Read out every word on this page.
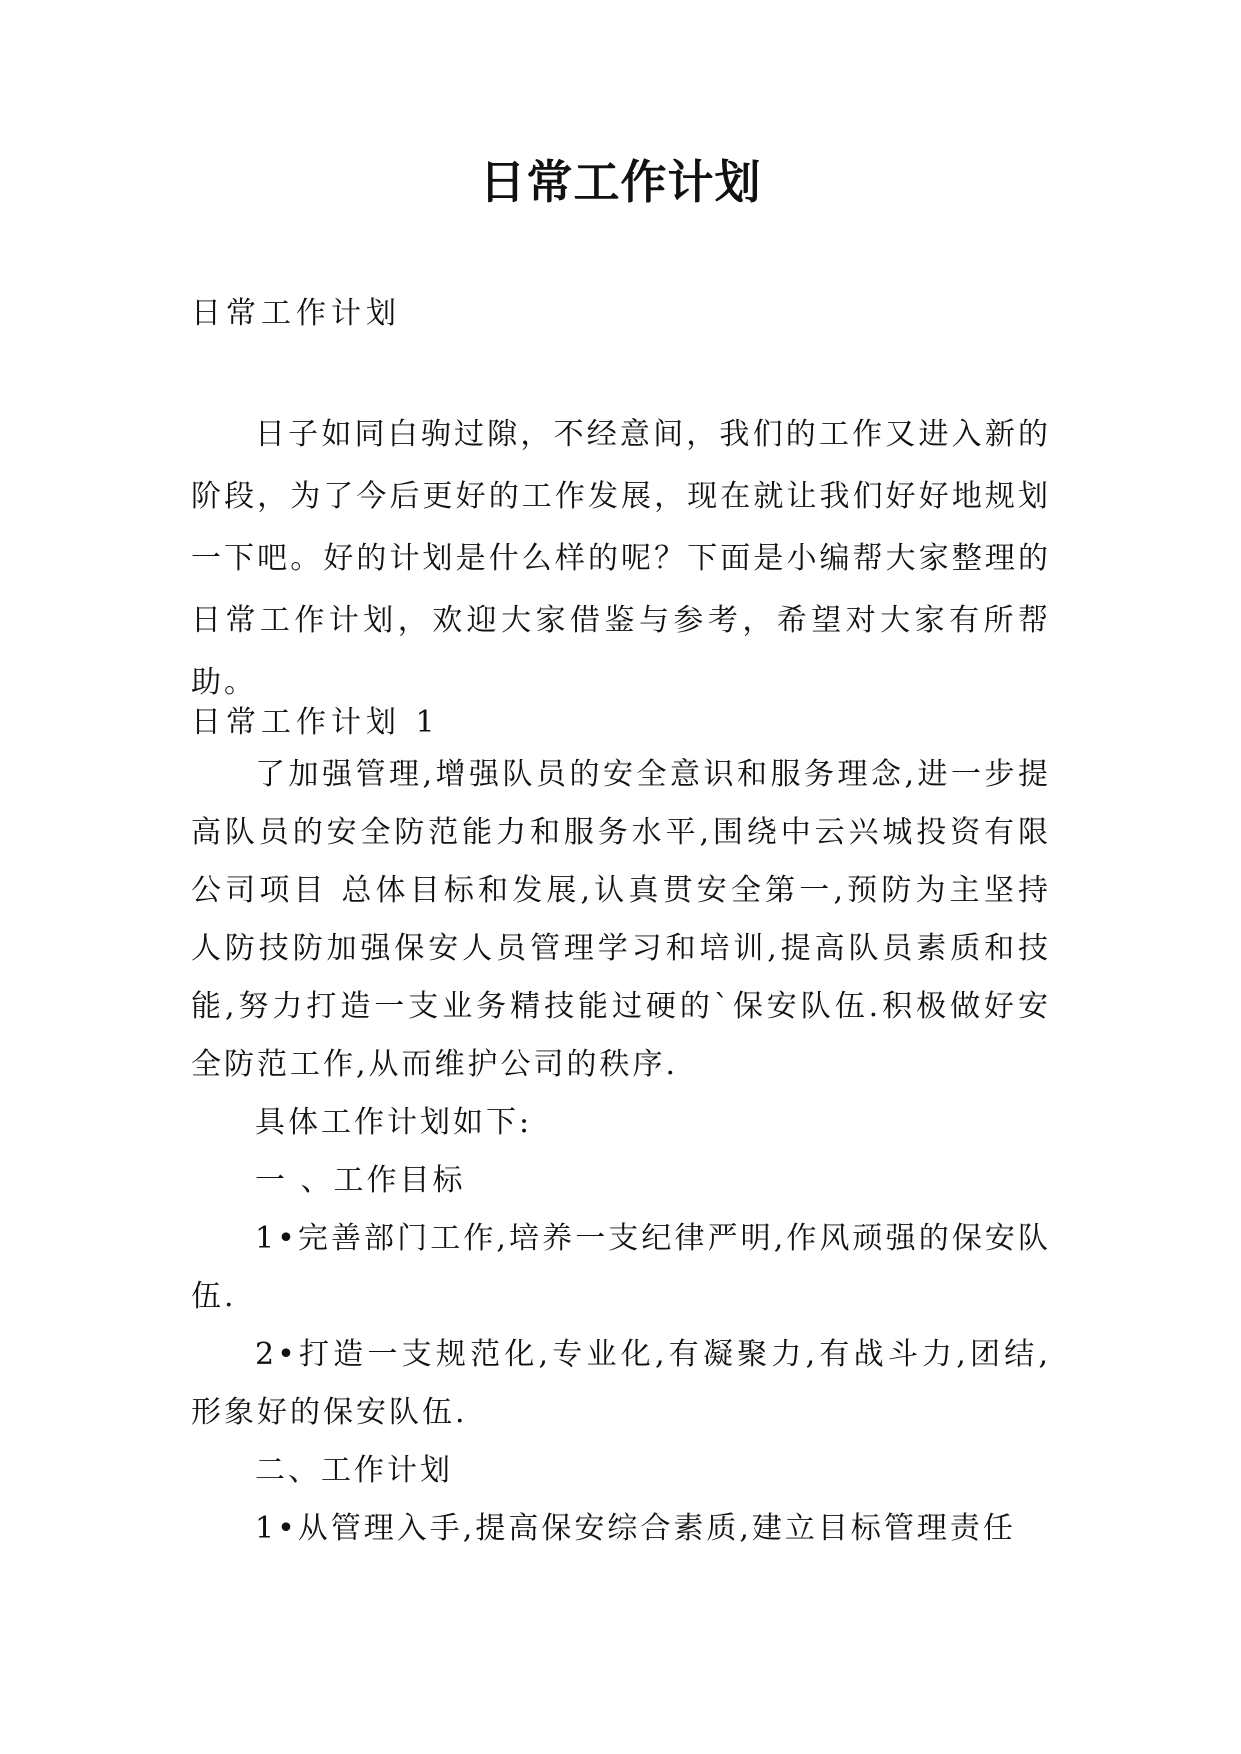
日常工作计划
日常工作计划
日子如同白驹过隙，不经意间，我们的工作又进入新的阶段，为了今后更好的工作发展，现在就让我们好好地规划一下吧。好的计划是什么样的呢？下面是小编帮大家整理的日常工作计划，欢迎大家借鉴与参考，希望对大家有所帮助。
日常工作计划 1

了加强管理,增强队员的安全意识和服务理念,进一步提高队员的安全防范能力和服务水平,围绕中云兴城投资有限公司项目 总体目标和发展,认真贯安全第一,预防为主坚持人防技防加强保安人员管理学习和培训,提高队员素质和技能,努力打造一支业务精技能过硬的`保安队伍.积极做好安全防范工作,从而维护公司的秩序.

具体工作计划如下:

一 、工作目标

1•完善部门工作,培养一支纪律严明,作风顽强的保安队伍.

2•打造一支规范化,专业化,有凝聚力,有战斗力,团结,形象好的保安队伍.

二、工作计划

1•从管理入手,提高保安综合素质,建立目标管理责任
